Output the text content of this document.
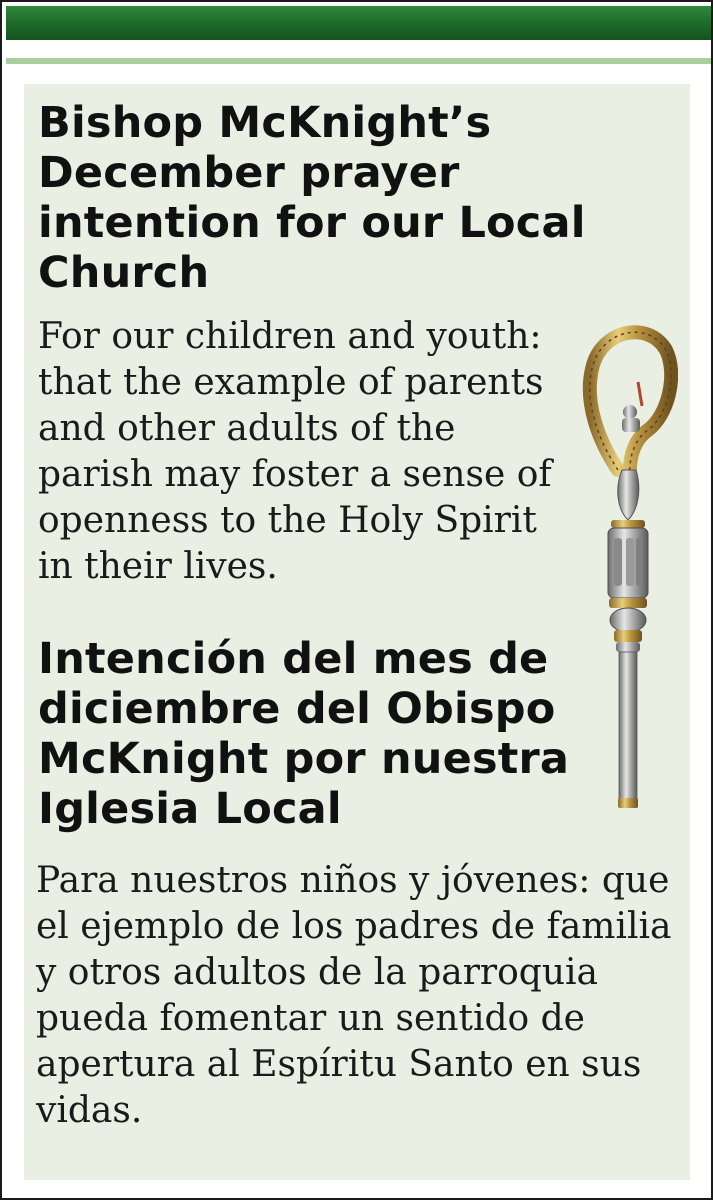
Bishop McKnight’s December prayer intention for our Local Church

For our children and youth: that the example of parents and other adults of the parish may foster a sense of openness to the Holy Spirit in their lives.

Intención del mes de diciembre del Obispo McKnight por nuestra Iglesia Local

Para nuestros niños y jóvenes: que el ejemplo de los padres de familia y otros adultos de la parroquia pueda fomentar un sentido de apertura al Espíritu Santo en sus vidas.
